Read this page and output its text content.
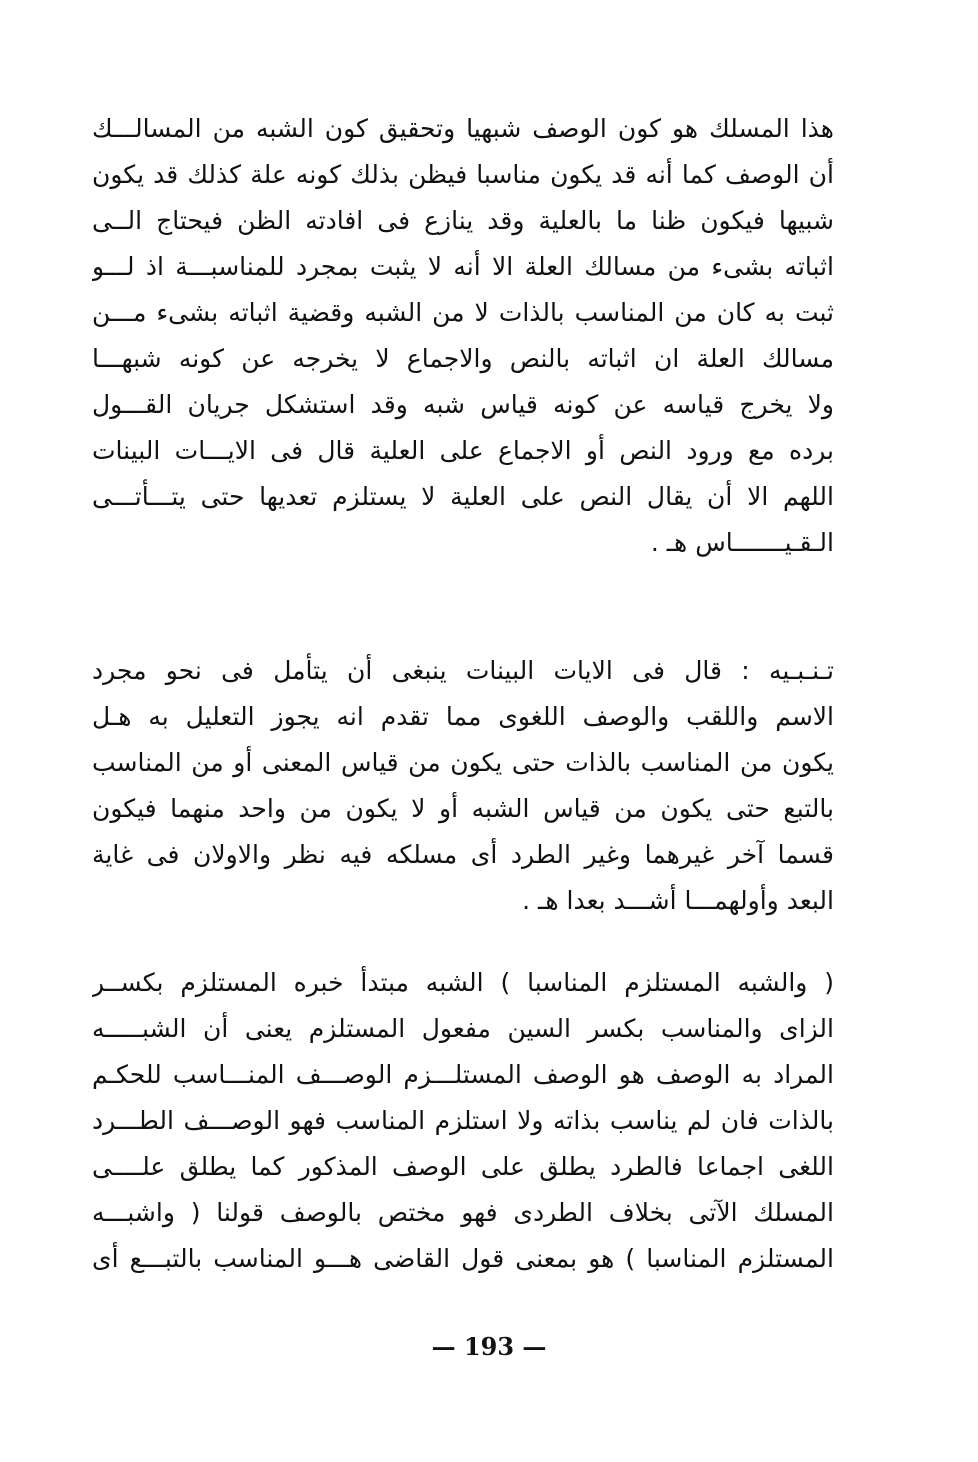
هذا المسلك هو كون الوصف شبهيا وتحقيق كون الشبه من المسالـــك
أن الوصف كما أنه قد يكون مناسبا فيظن بذلك كونه علة كذلك قد يكون
شبيها فيكون ظنا ما بالعلية وقد ينازع فى افادته الظن فيحتاج الــى
اثباته بشىء من مسالك العلة الا أنه لا يثبت بمجرد للمناسبـــة اذ لـــو
ثبت به كان من المناسب بالذات لا من الشبه وقضية اثباته بشىء مـــن
مسالك العلة ان اثباته بالنص والاجماع لا يخرجه عن كونه شبهـــا
ولا يخرج قياسه عن كونه قياس شبه وقد استشكل جريان القـــول
برده مع ورود النص أو الاجماع على العلية قال فى الايـــات البينات
اللهم الا أن يقال النص على العلية لا يستلزم تعديها حتى يتـــأتـــى
الـقـيـــــــاس هـ .
تـنـبـيه : قال فى الايات البينات ينبغى أن يتأمل فى نحو مجرد
الاسم واللقب والوصف اللغوى مما تقدم انه يجوز التعليل به هـل
يكون من المناسب بالذات حتى يكون من قياس المعنى أو من المناسب
بالتبع حتى يكون من قياس الشبه أو لا يكون من واحد منهما فيكون
قسما آخر غيرهما وغير الطرد أى مسلكه فيه نظر والاولان فى غاية
البعد وأولهمـــا أشـــد بعدا هـ .
( والشبه المستلزم المناسبا ) الشبه مبتدأ خبره المستلزم بكســر
الزاى والمناسب بكسر السين مفعول المستلزم يعنى أن الشبـــــه
المراد به الوصف هو الوصف المستلـــزم الوصـــف المنـــاسب للحكـم
بالذات فان لم يناسب بذاته ولا استلزم المناسب فهو الوصـــف الطـــرد
اللغى اجماعا فالطرد يطلق على الوصف المذكور كما يطلق علــــى
المسلك الآتى بخلاف الطردى فهو مختص بالوصف قولنا ( واشبـــه
المستلزم المناسبا ) هو بمعنى قول القاضى هـــو المناسب بالتبـــع أى
— 193 —
